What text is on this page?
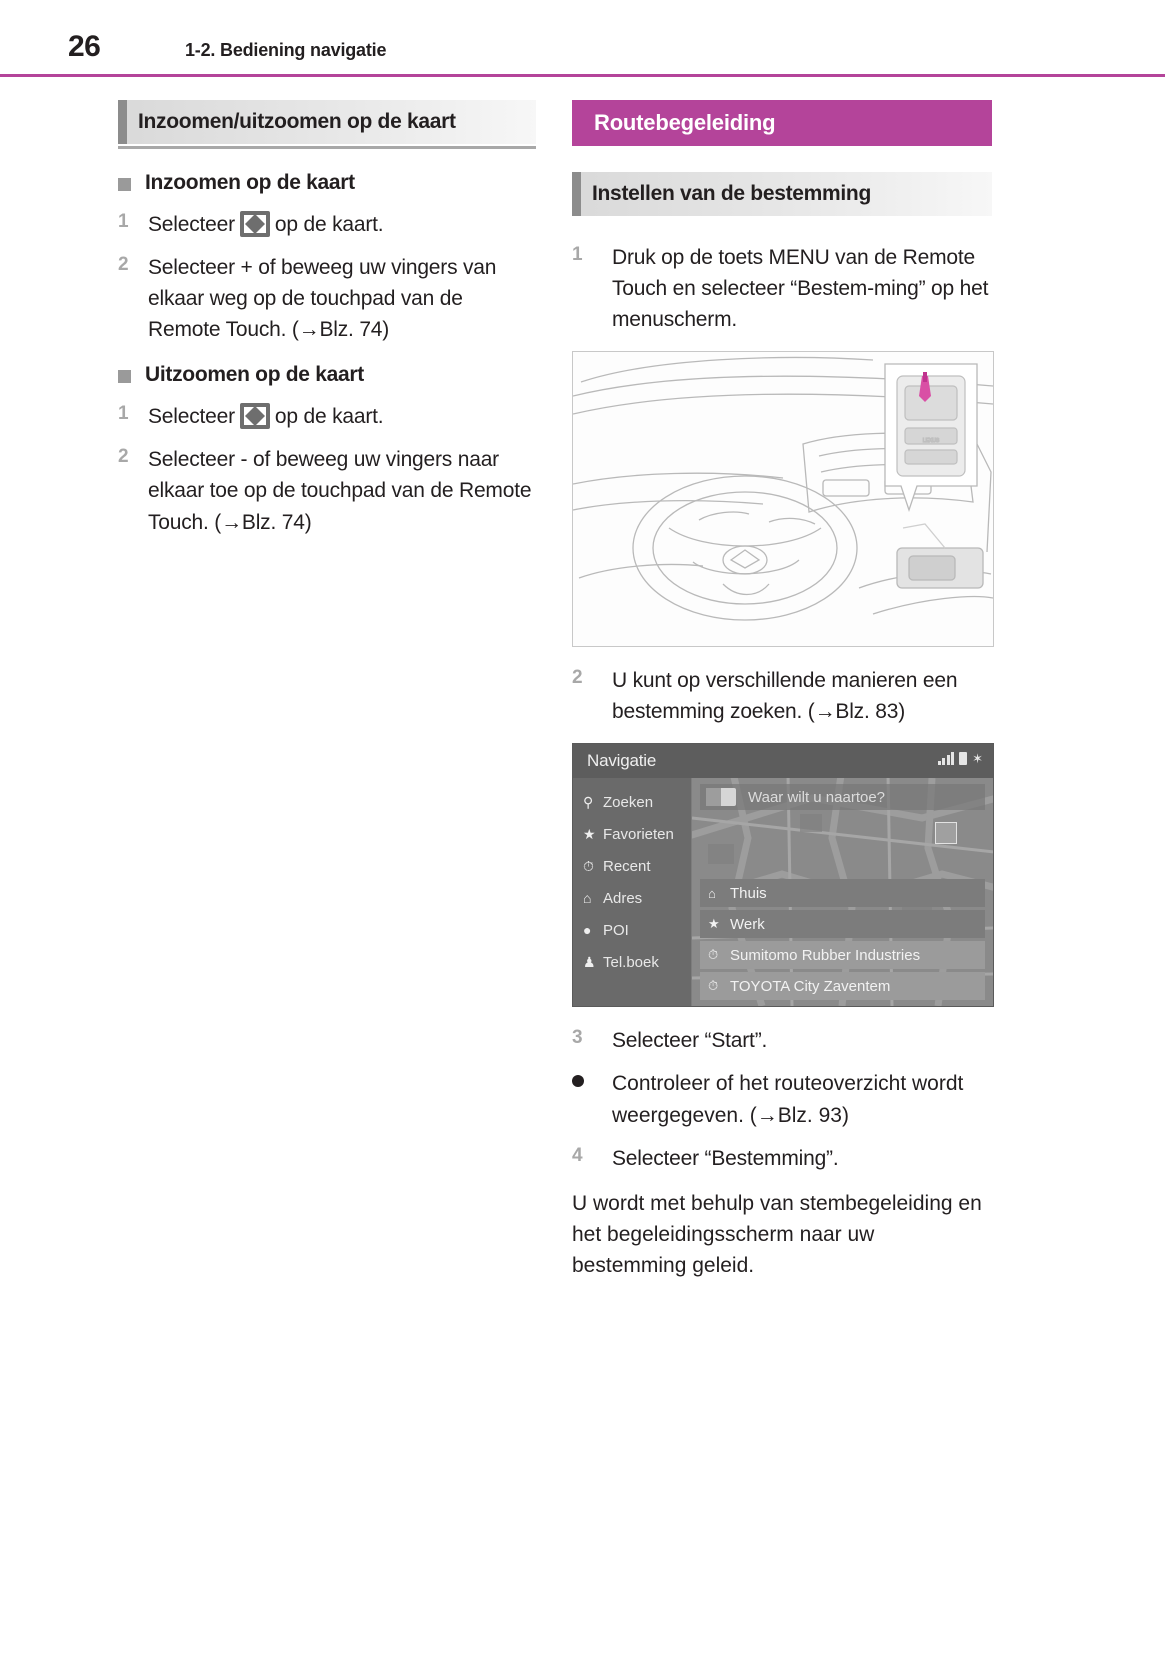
26	1-2. Bediening navigatie
Inzoomen/uitzoomen op de kaart
Inzoomen op de kaart
1 Selecteer op de kaart.
2 Selecteer + of beweeg uw vingers van elkaar weg op de touchpad van de Remote Touch. (→Blz. 74)
Uitzoomen op de kaart
1 Selecteer op de kaart.
2 Selecteer - of beweeg uw vingers naar elkaar toe op de touchpad van de Remote Touch. (→Blz. 74)
Routebegeleiding
Instellen van de bestemming
1	Druk op de toets MENU van de Remote Touch en selecteer “Bestem-ming” op het menuscherm.
LEXUS
2	U kunt op verschillende manieren een bestemming zoeken. (→Blz. 83)
Navigatie	✶
⚲ Zoeken
★ Favorieten
⏱ Recent
⌂ Adres
● POI
♟ Tel.boek
Waar wilt u naartoe?
⌂ Thuis
★ Werk
⏱ Sumitomo Rubber Industries
⏱ TOYOTA City Zaventem
3	Selecteer “Start”.
Controleer of het routeoverzicht wordt weergegeven. (→Blz. 93)
4	Selecteer “Bestemming”.
U wordt met behulp van stembegeleiding en het begeleidingsscherm naar uw bestemming geleid.
